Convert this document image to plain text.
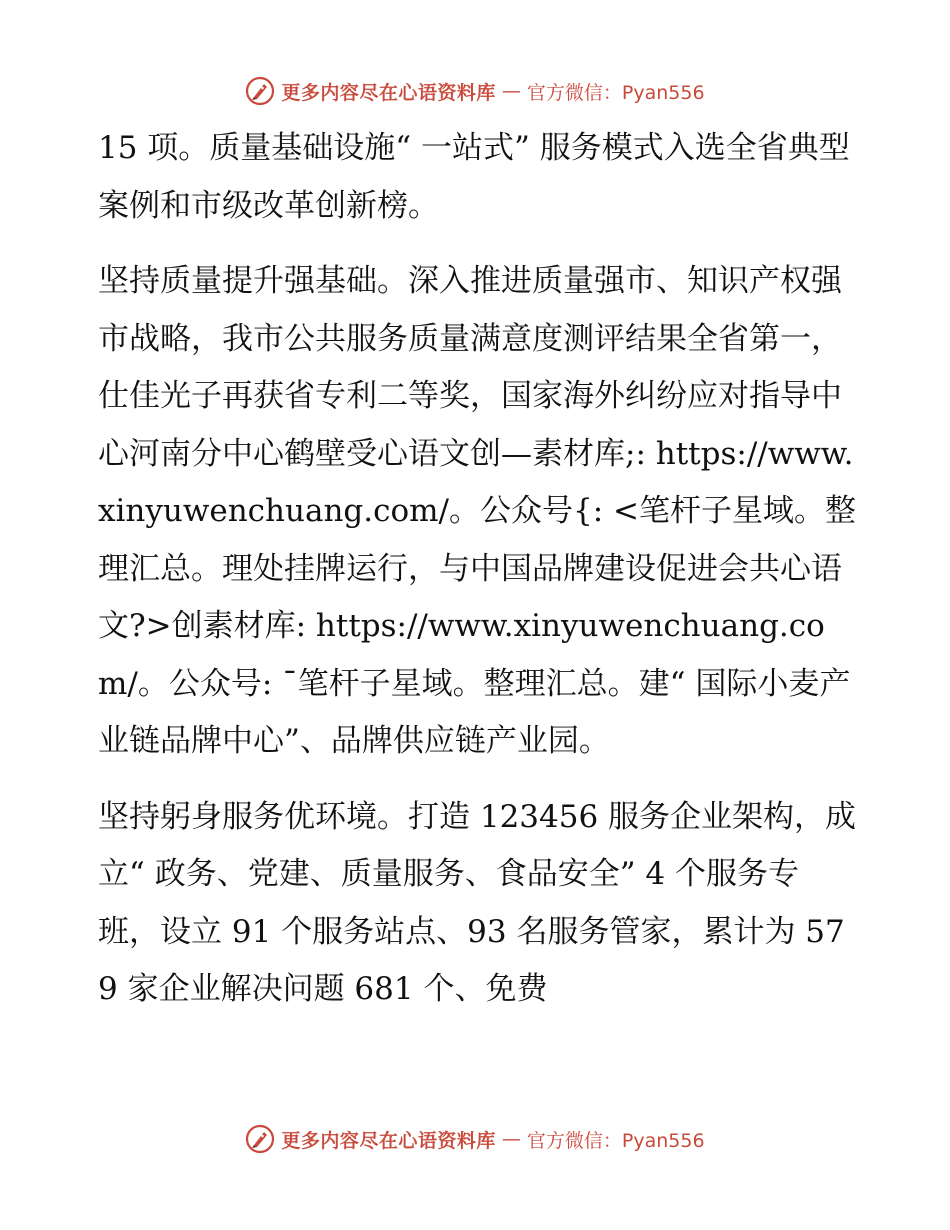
更多内容尽在心语资料库 — 官方微信：Pyan556

15 项。质量基础设施“ 一站式” 服务模式入选全省典型案例和市级改革创新榜。

坚持质量提升强基础。深入推进质量强市、知识产权强市战略，我市公共服务质量满意度测评结果全省第一，仕佳光子再获省专利二等奖，国家海外纠纷应对指导中心河南分中心鹤壁受心语文创—素材库;: https://www.xinyuwenchuang.com/。公众号{: <笔杆子星域。整理汇总。理处挂牌运行，与中国品牌建设促进会共心语文?>创素材库: https://www.xinyuwenchuang.com/。公众号: ¯笔杆子星域。整理汇总。建“ 国际小麦产业链品牌中心”、品牌供应链产业园。

坚持躬身服务优环境。打造 123456 服务企业架构，成立“ 政务、党建、质量服务、食品安全” 4 个服务专班，设立 91 个服务站点、93 名服务管家，累计为 579 家企业解决问题 681 个、免费

更多内容尽在心语资料库 — 官方微信：Pyan556
